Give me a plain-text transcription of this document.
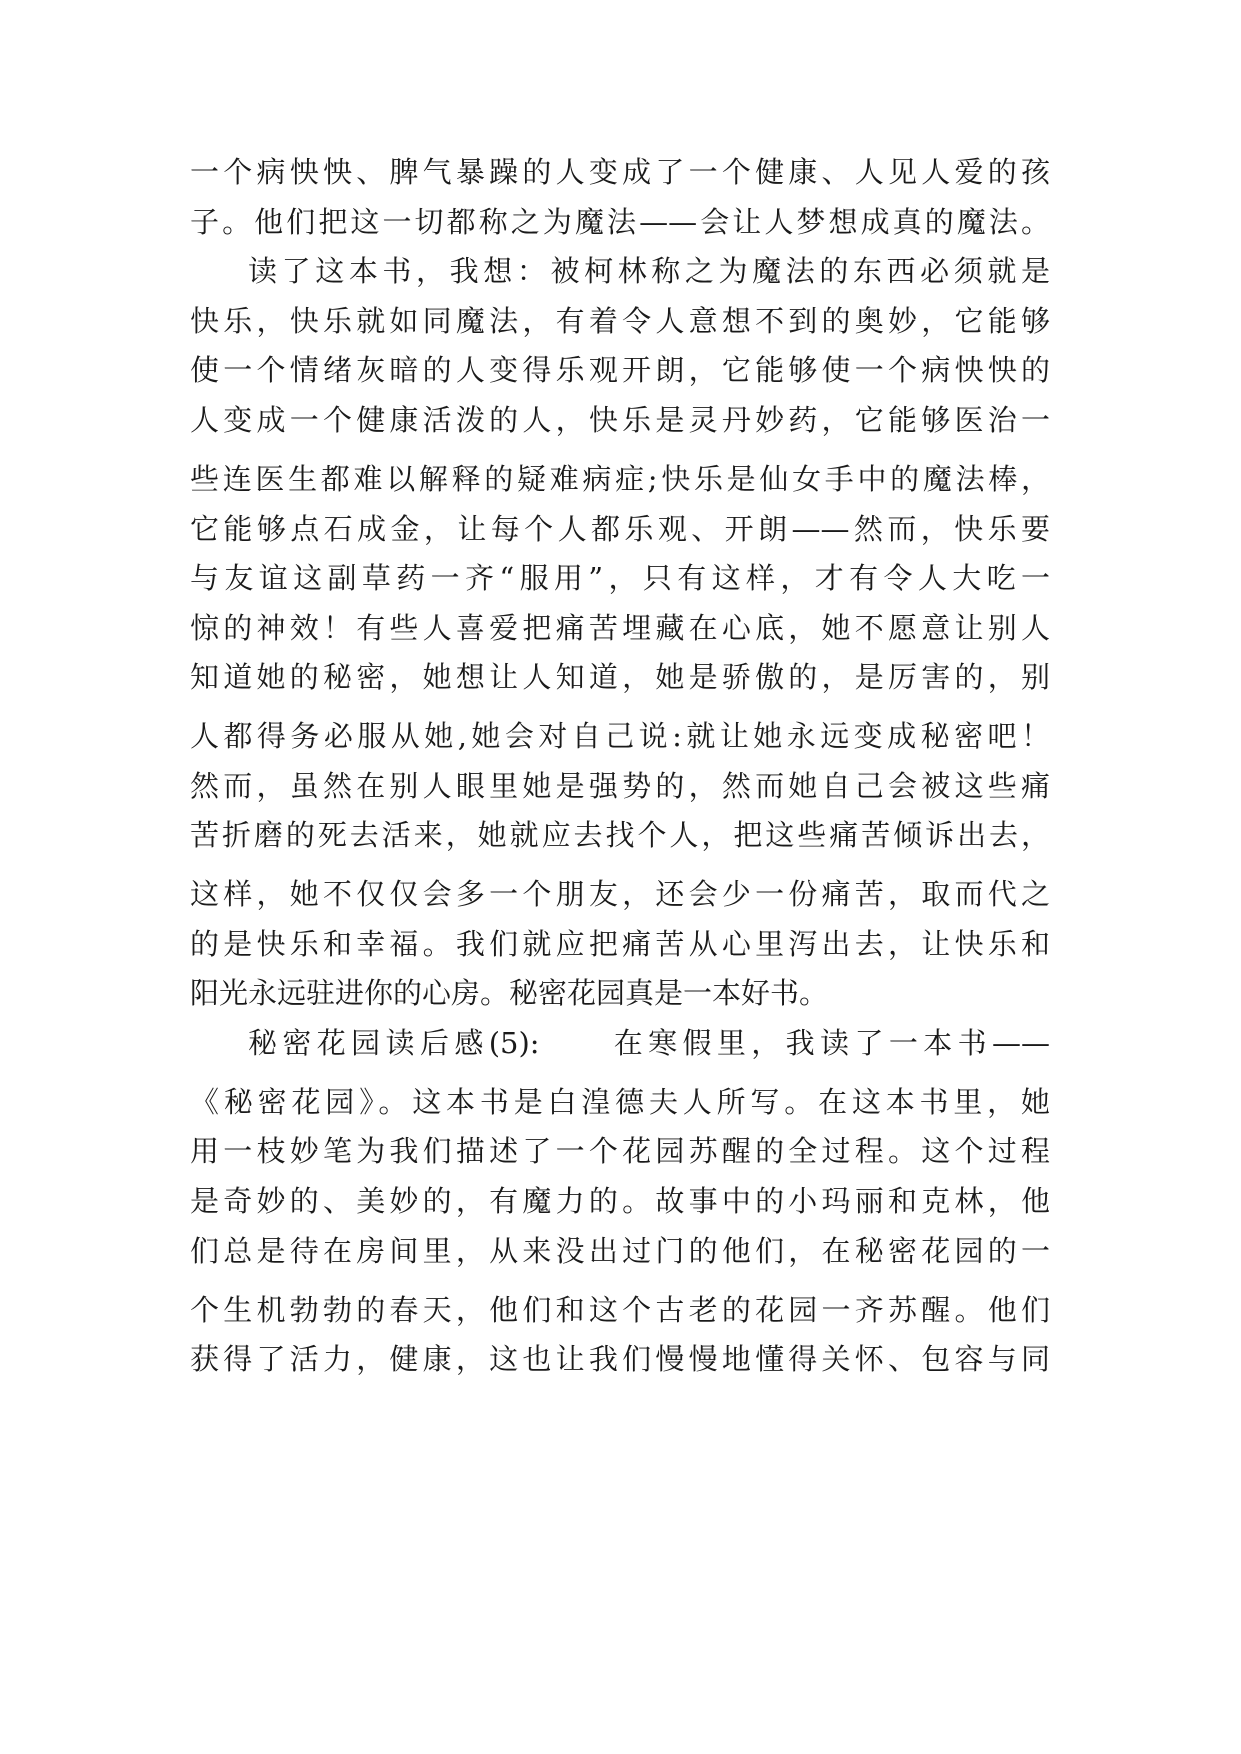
一个病怏怏、脾气暴躁的人变成了一个健康、人见人爱的孩
子。他们把这一切都称之为魔法——会让人梦想成真的魔法。
读了这本书，我想：被柯林称之为魔法的东西必须就是
快乐，快乐就如同魔法，有着令人意想不到的奥妙，它能够
使一个情绪灰暗的人变得乐观开朗，它能够使一个病怏怏的
人变成一个健康活泼的人，快乐是灵丹妙药，它能够医治一
些连医生都难以解释的疑难病症;快乐是仙女手中的魔法棒，
它能够点石成金，让每个人都乐观、开朗——然而，快乐要
与友谊这副草药一齐“服用”，只有这样，才有令人大吃一
惊的神效！有些人喜爱把痛苦埋藏在心底，她不愿意让别人
知道她的秘密，她想让人知道，她是骄傲的，是厉害的，别
人都得务必服从她,她会对自己说:就让她永远变成秘密吧！
然而，虽然在别人眼里她是强势的，然而她自己会被这些痛
苦折磨的死去活来，她就应去找个人，把这些痛苦倾诉出去，
这样，她不仅仅会多一个朋友，还会少一份痛苦，取而代之
的是快乐和幸福。我们就应把痛苦从心里泻出去，让快乐和
阳光永远驻进你的心房。秘密花园真是一本好书。
秘密花园读后感(5):　　在寒假里，我读了一本书——
《秘密花园》。这本书是白湟德夫人所写。在这本书里，她
用一枝妙笔为我们描述了一个花园苏醒的全过程。这个过程
是奇妙的、美妙的，有魔力的。故事中的小玛丽和克林，他
们总是待在房间里，从来没出过门的他们，在秘密花园的一
个生机勃勃的春天，他们和这个古老的花园一齐苏醒。他们
获得了活力，健康，这也让我们慢慢地懂得关怀、包容与同
